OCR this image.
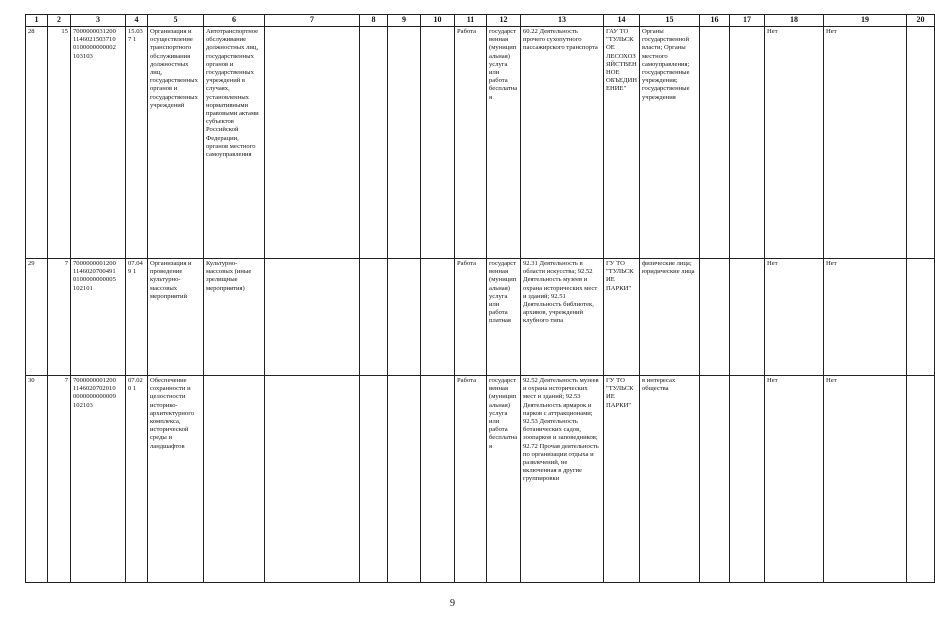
1	2	3	4	5	6	7	8	9	10	11	12	13	14	15	16	17	18	19	20
28	15	7000000031200 1146021503710 0100000000002 103103	15.037 1	Организация и осуществление транспортного обслуживания должностных лиц, государственных органов и государственных учреждений	Автотранспортное обслуживание должностных лиц, государственных органов и государственных учреждений в случаях, установленных нормативными правовыми актами субъектов Российской Федерации, органов местного самоуправления					Работа	государственная (муниципальная) услуга или работа бесплатная	60.22 Деятельность прочего сухопутного пассажирского транспорта	ГАУ ТО "ТУЛЬСКОЕ ЛЕСОХОЗЯЙСТВЕННОЕ ОБЪЕДИНЕНИЕ"	Органы государственной власти; Органы местного самоуправления; государственные учреждения; государственные учреждения			Нет	Нет	
29	7	7000000001200 1146020700491 0100000000005 102101	07.049 1	Организация и проведение культурно-массовых мероприятий	Культурно-массовых (иные зрелищные мероприятия)					Работа	государственная (муниципальная) услуга или работа платная	92.31 Деятельность в области искусства; 92.52 Деятельность музеев и охрана исторических мест и зданий; 92.51 Деятельность библиотек, архивов, учреждений клубного типа	ГУ ТО "ТУЛЬСКИЕ ПАРКИ"	физические лица; юридические лица			Нет	Нет	
30	7	7000000001200 1146020702010 0000000000009 102103	07.020 1	Обеспечение сохранности и целостности историко-архитектурного комплекса, исторической среды и ландшафтов						Работа	государственная (муниципальная) услуга или работа бесплатная	92.52 Деятельность музеев и охрана исторических мест и зданий; 92.53 Деятельность ярмарок и парков с аттракционами; 92.53 Деятельность ботанических садов, зоопарков и заповедников; 92.72 Прочая деятельность по организации отдыха и развлечений, не включенная в другие группировки	ГУ ТО "ТУЛЬСКИЕ ПАРКИ"	в интересах общества			Нет	Нет	
9
